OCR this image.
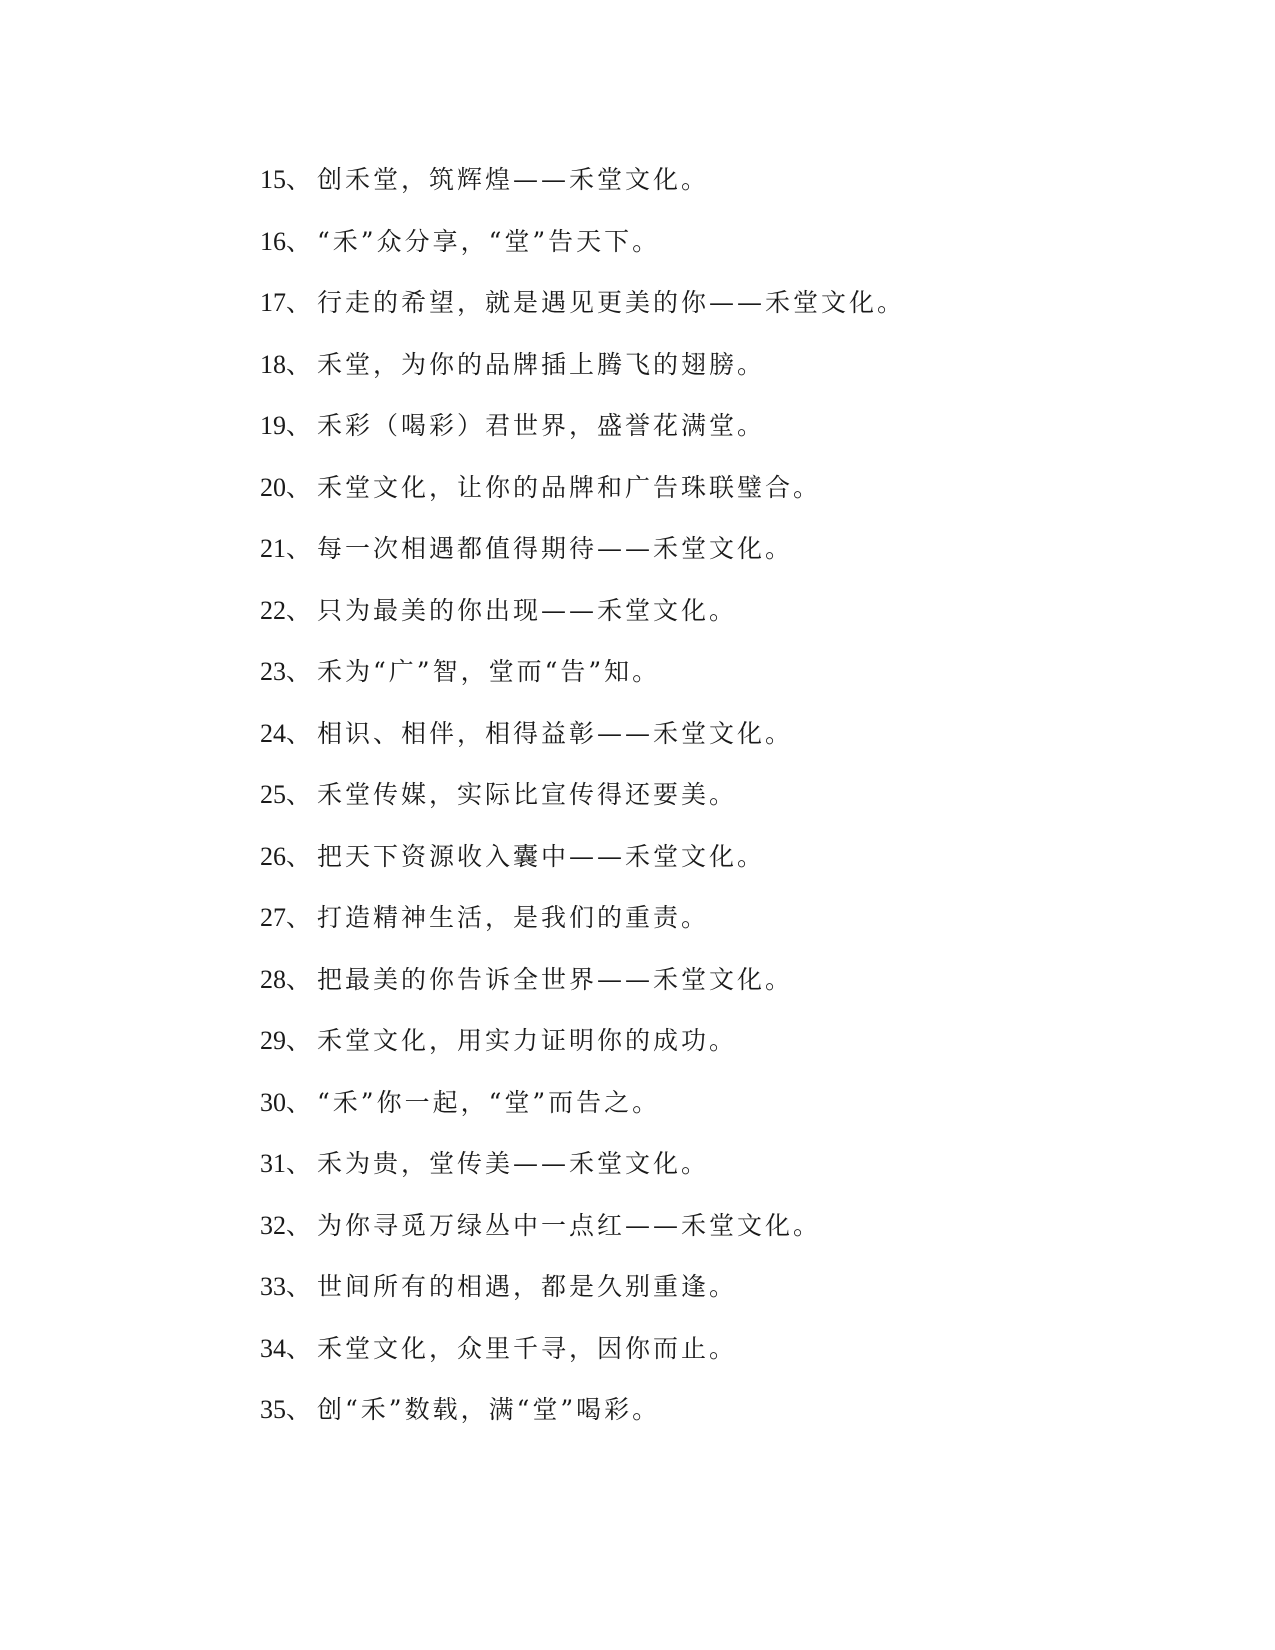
15 、 创禾堂，筑辉煌——禾堂文化。
16 、 “禾”众分享，“堂”告天下。
17 、 行走的希望，就是遇见更美的你——禾堂文化。
18 、 禾堂，为你的品牌插上腾飞的翅膀。
19 、 禾彩（喝彩）君世界，盛誉花满堂。
20 、 禾堂文化，让你的品牌和广告珠联璧合。
21 、 每一次相遇都值得期待——禾堂文化。
22 、 只为最美的你出现——禾堂文化。
23 、 禾为“广”智，堂而“告”知。
24 、 相识、相伴，相得益彰——禾堂文化。
25 、 禾堂传媒，实际比宣传得还要美。
26 、 把天下资源收入囊中——禾堂文化。
27 、 打造精神生活，是我们的重责。
28 、 把最美的你告诉全世界——禾堂文化。
29 、 禾堂文化，用实力证明你的成功。
30 、 “禾”你一起，“堂”而告之。
31 、 禾为贵，堂传美——禾堂文化。
32 、 为你寻觅万绿丛中一点红——禾堂文化。
33 、 世间所有的相遇，都是久别重逢。
34 、 禾堂文化，众里千寻，因你而止。
35 、 创“禾”数载，满“堂”喝彩。
